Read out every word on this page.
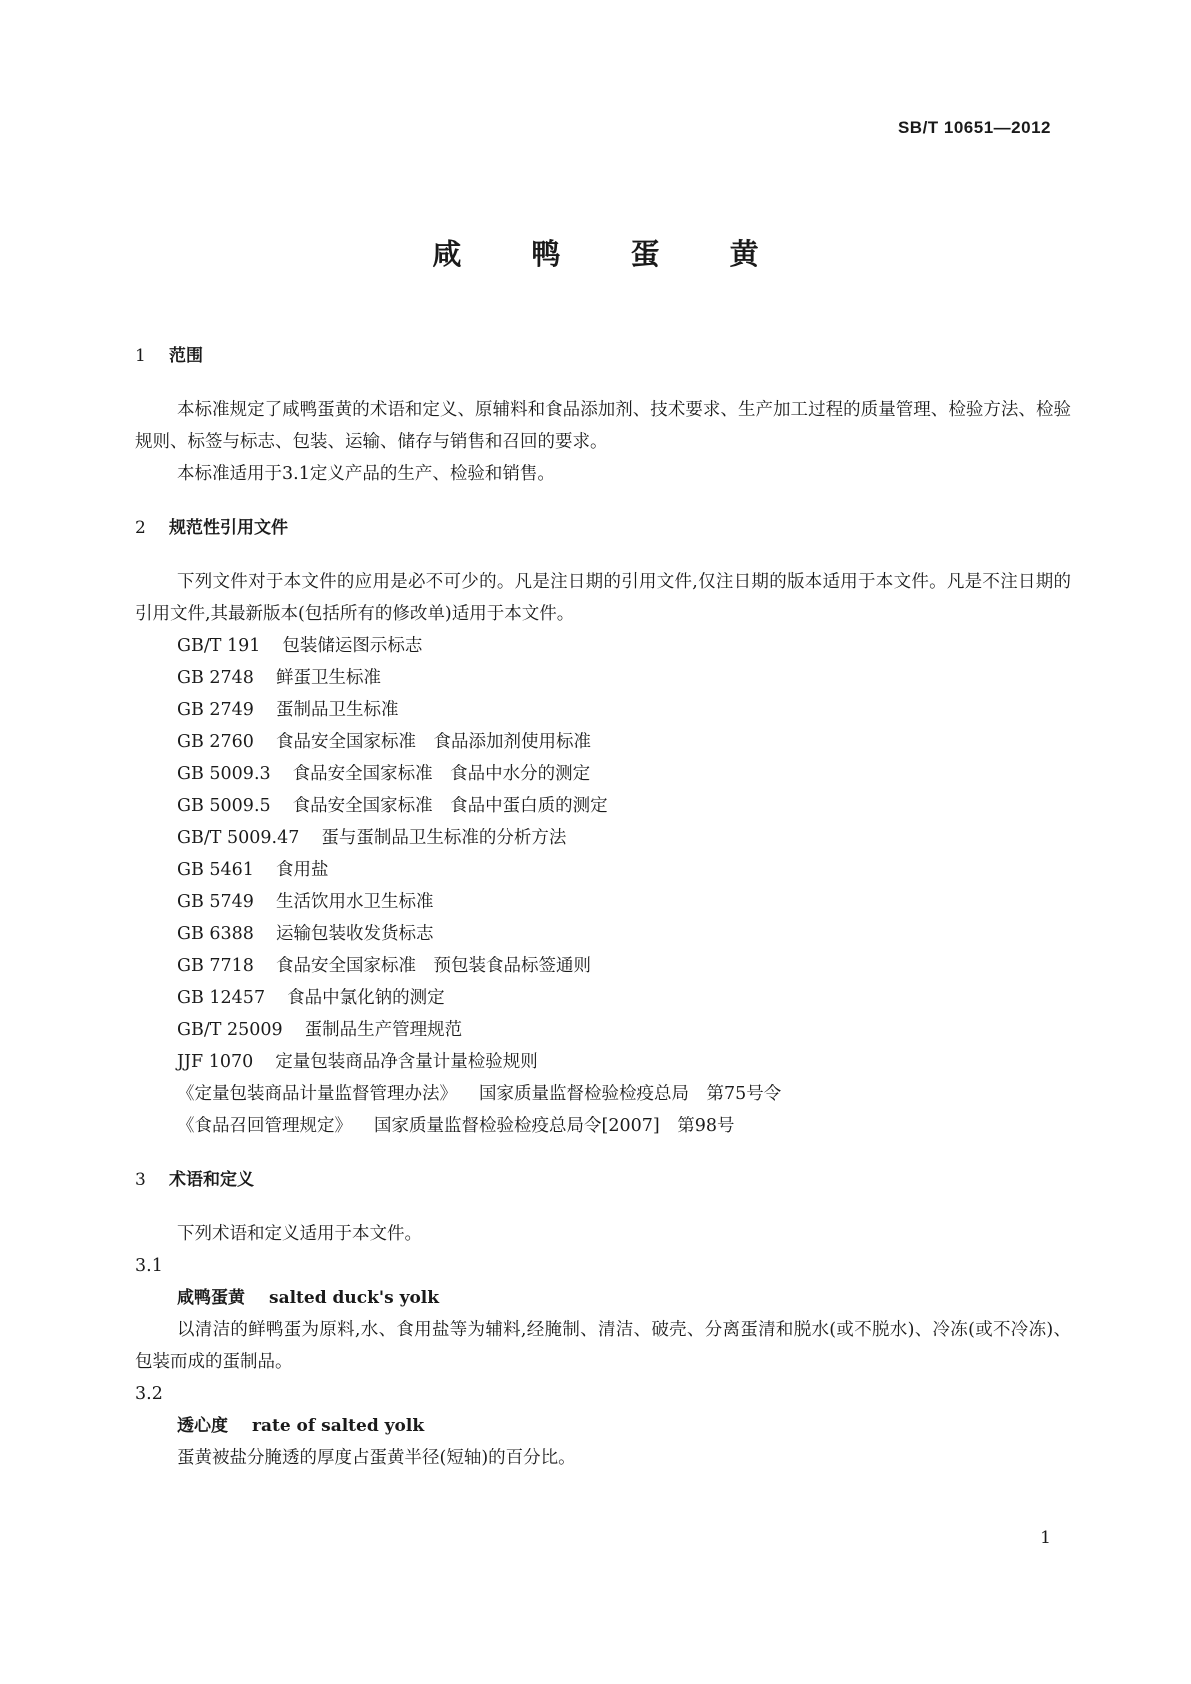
SB/T 10651—2012
咸 鸭 蛋 黄
1 范围
本标准规定了咸鸭蛋黄的术语和定义、原辅料和食品添加剂、技术要求、生产加工过程的质量管理、检验方法、检验规则、标签与标志、包装、运输、储存与销售和召回的要求。
本标准适用于3.1定义产品的生产、检验和销售。
2 规范性引用文件
下列文件对于本文件的应用是必不可少的。凡是注日期的引用文件,仅注日期的版本适用于本文件。凡是不注日期的引用文件,其最新版本(包括所有的修改单)适用于本文件。
GB/T 191 包装储运图示标志
GB 2748 鲜蛋卫生标准
GB 2749 蛋制品卫生标准
GB 2760 食品安全国家标准　食品添加剂使用标准
GB 5009.3 食品安全国家标准　食品中水分的测定
GB 5009.5 食品安全国家标准　食品中蛋白质的测定
GB/T 5009.47 蛋与蛋制品卫生标准的分析方法
GB 5461 食用盐
GB 5749 生活饮用水卫生标准
GB 6388 运输包装收发货标志
GB 7718 食品安全国家标准　预包装食品标签通则
GB 12457 食品中氯化钠的测定
GB/T 25009 蛋制品生产管理规范
JJF 1070 定量包装商品净含量计量检验规则
《定量包装商品计量监督管理办法》 国家质量监督检验检疫总局　第75号令
《食品召回管理规定》 国家质量监督检验检疫总局令[2007]　第98号
3 术语和定义
下列术语和定义适用于本文件。
3.1
咸鸭蛋黄 salted duck's yolk
以清洁的鲜鸭蛋为原料,水、食用盐等为辅料,经腌制、清洁、破壳、分离蛋清和脱水(或不脱水)、冷冻(或不冷冻)、包装而成的蛋制品。
3.2
透心度 rate of salted yolk
蛋黄被盐分腌透的厚度占蛋黄半径(短轴)的百分比。
1
